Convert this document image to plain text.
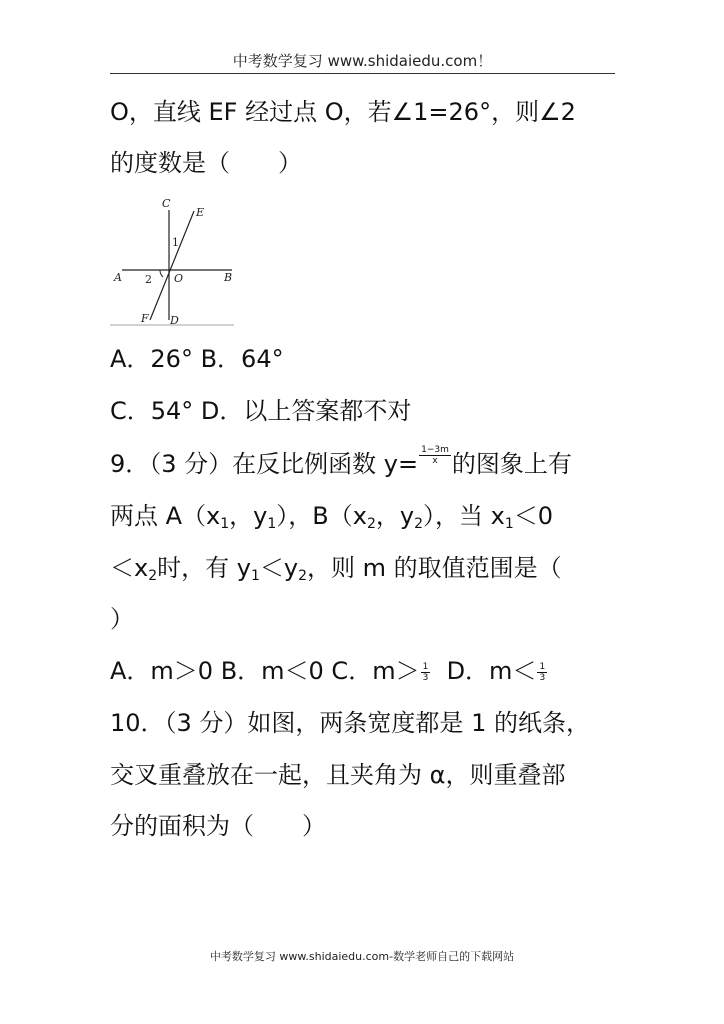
中考数学复习 www.shidaiedu.com！
O，直线 EF 经过点 O，若∠1=26°，则∠2
的度数是（　　）
C
E
1
A 2 O	B
F D
A．26° B．64°
C．54° D．以上答案都不对
9．（3 分）在反比例函数 $y= \frac{1-3m}{x}$ 的图象上有
两点 $A(x_1$，$y_1$），$B(x_2$，$y_2$），当 $x_1<0$
$<x_2$时，有 $y_1<y_2$，则 m 的取值范围是（
）
A．m＞0 B．m＜0 C．$m> \frac{1}{3}$ D．$m< \frac{1}{3}$
10．（3 分）如图，两条宽度都是 1 的纸条，
交叉重叠放在一起，且夹角为 α，则重叠部
分的面积为（　　）
中考数学复习 www.shidaiedu.com-数学老师自己的下载网站
